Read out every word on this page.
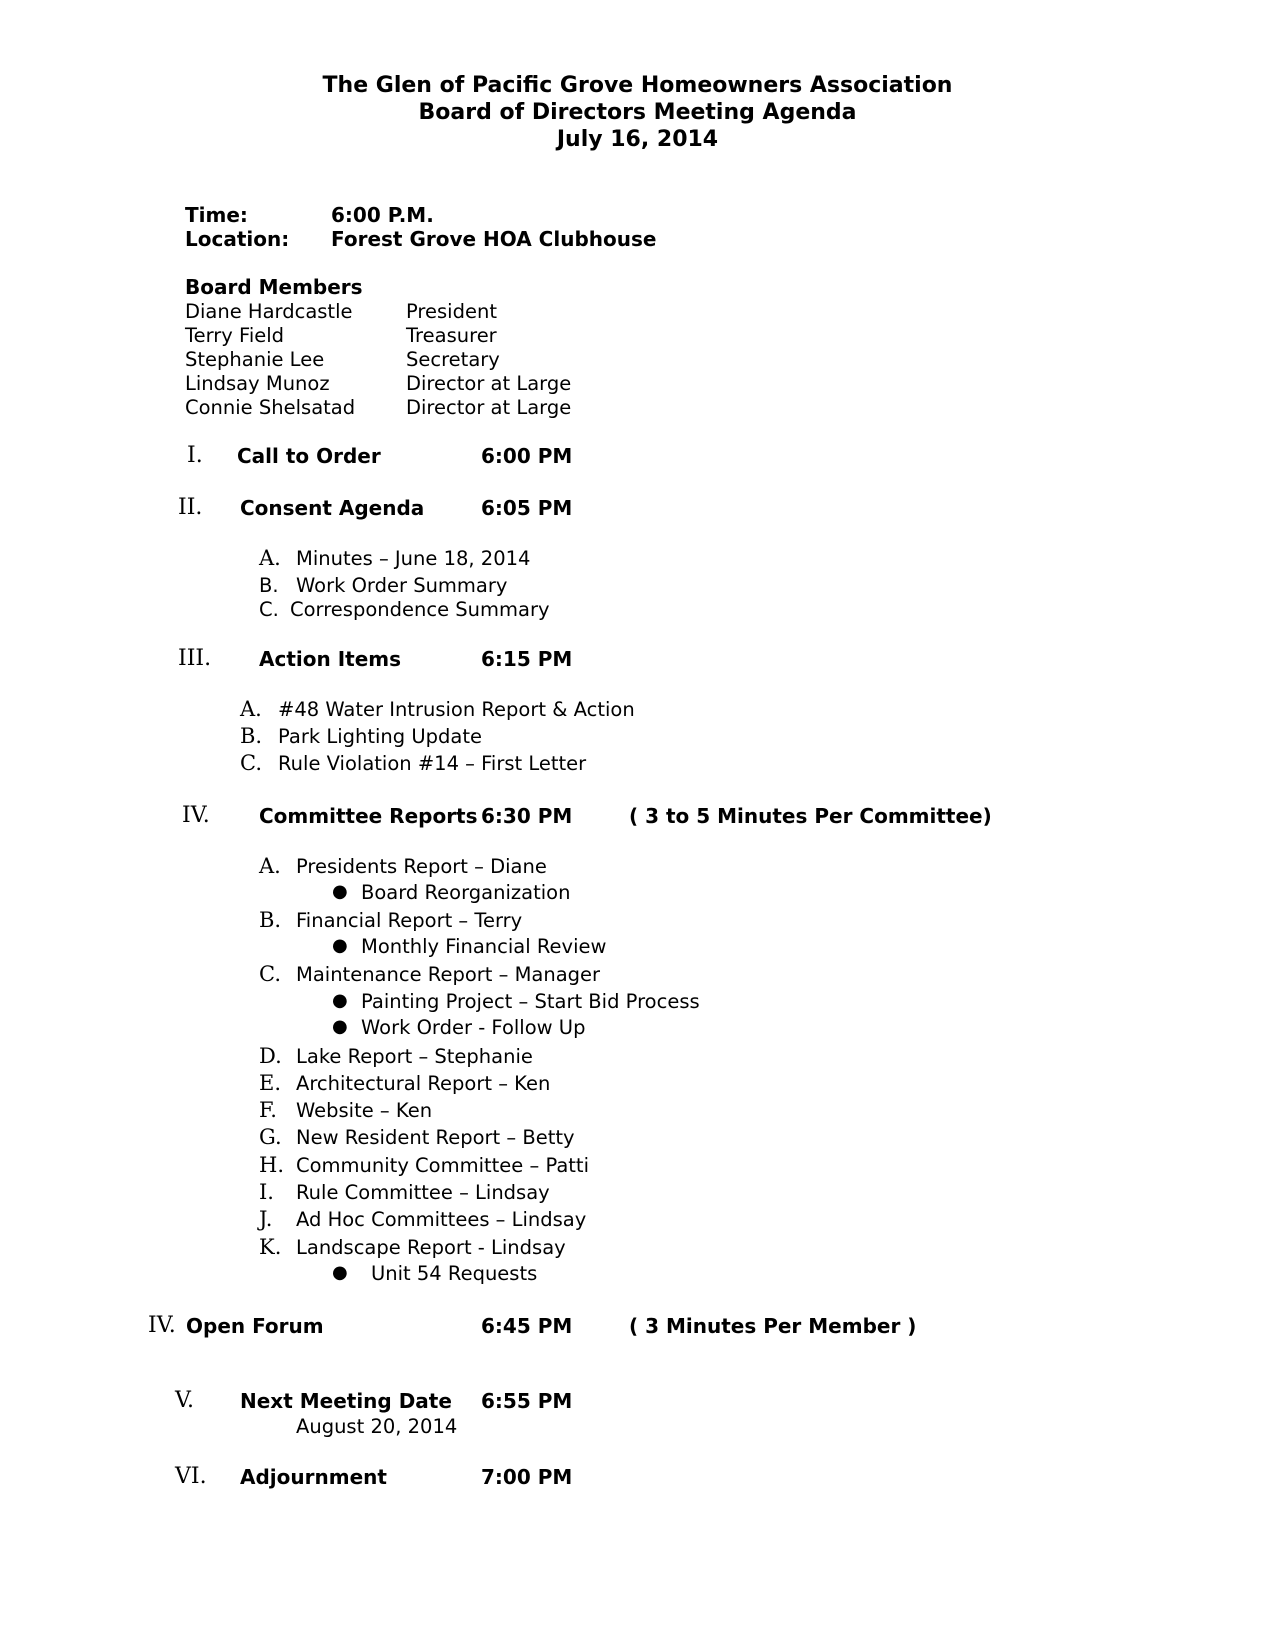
The Glen of Pacific Grove Homeowners Association
Board of Directors Meeting Agenda
July 16, 2014
Time:	6:00 P.M.
Location: Forest Grove HOA Clubhouse
Board Members
Diane Hardcastle	President
Terry Field	Treasurer
Stephanie Lee	Secretary
Lindsay Munoz	Director at Large
Connie Shelsatad	Director at Large
I. Call to Order	6:00 PM
II. Consent Agenda	6:05 PM
A. Minutes – June 18, 2014
B. Work Order Summary
C. Correspondence Summary
III. Action Items	6:15 PM
A. #48 Water Intrusion Report & Action
B. Park Lighting Update
C. Rule Violation #14 – First Letter
IV. Committee Reports 6:30 PM	( 3 to 5 Minutes Per Committee)
A. Presidents Report – Diane
● Board Reorganization
B. Financial Report – Terry
● Monthly Financial Review
C. Maintenance Report – Manager
● Painting Project – Start Bid Process
● Work Order - Follow Up
D. Lake Report – Stephanie
E. Architectural Report – Ken
F. Website – Ken
G. New Resident Report – Betty
H. Community Committee – Patti
I. Rule Committee – Lindsay
J. Ad Hoc Committees – Lindsay
K. Landscape Report - Lindsay
● Unit 54 Requests
IV. Open Forum	6:45 PM	( 3 Minutes Per Member )
V. Next Meeting Date 6:55 PM
August 20, 2014
VI. Adjournment	7:00 PM
